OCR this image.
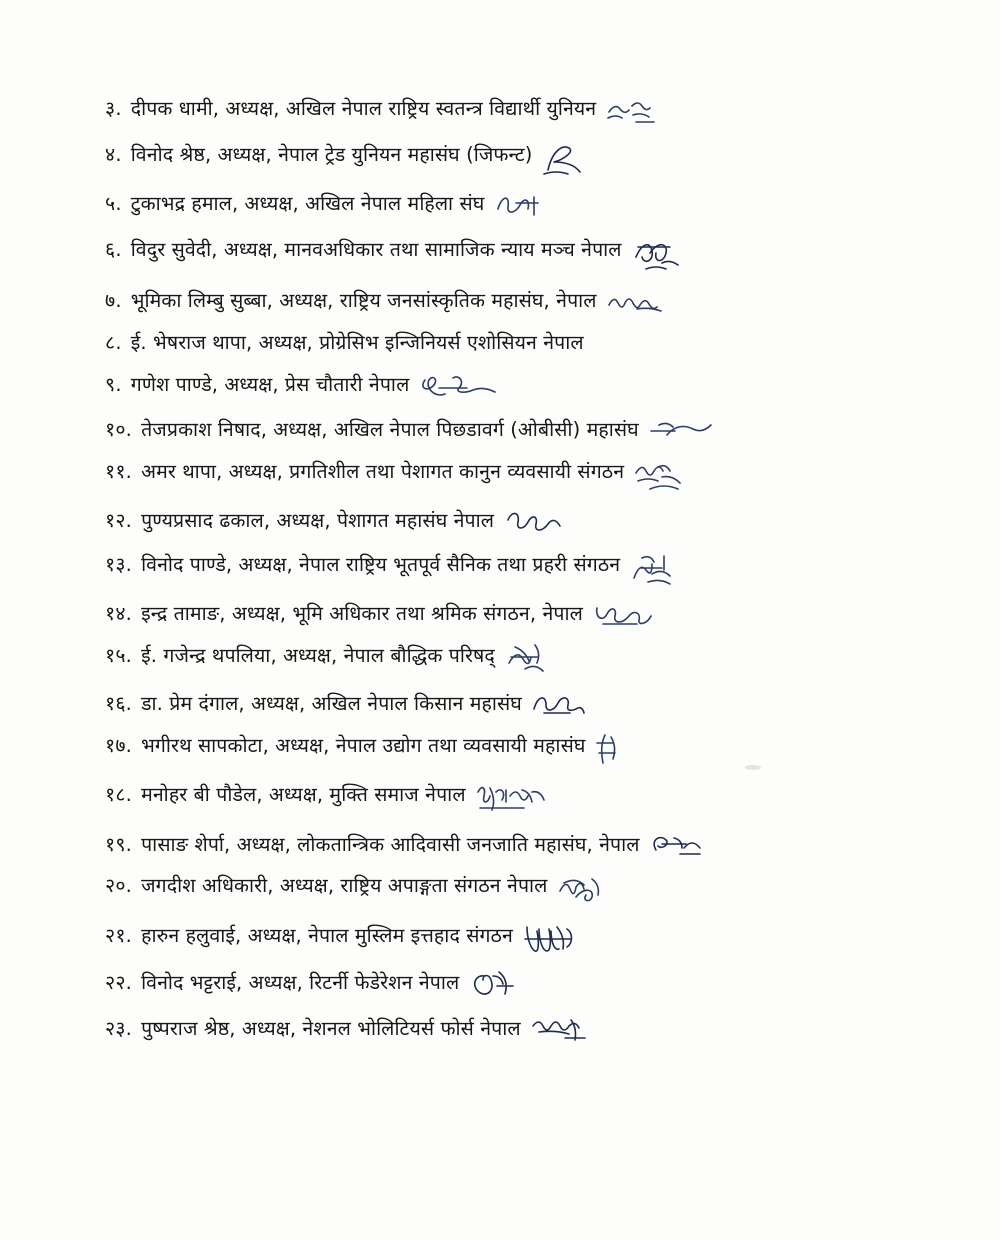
३. दीपक धामी, अध्यक्ष, अखिल नेपाल राष्ट्रिय स्वतन्त्र विद्यार्थी युनियन
४. विनोद श्रेष्ठ, अध्यक्ष, नेपाल ट्रेड युनियन महासंघ (जिफन्ट)
५. टुकाभद्र हमाल, अध्यक्ष, अखिल नेपाल महिला संघ
६. विदुर सुवेदी, अध्यक्ष, मानवअधिकार तथा सामाजिक न्याय मञ्च नेपाल
७. भूमिका लिम्बु सुब्बा, अध्यक्ष, राष्ट्रिय जनसांस्कृतिक महासंघ, नेपाल
८. ई. भेषराज थापा, अध्यक्ष, प्रोग्रेसिभ इन्जिनियर्स एशोसियन नेपाल
९. गणेश पाण्डे, अध्यक्ष, प्रेस चौतारी नेपाल
१०. तेजप्रकाश निषाद, अध्यक्ष, अखिल नेपाल पिछडावर्ग (ओबीसी) महासंघ
११. अमर थापा, अध्यक्ष, प्रगतिशील तथा पेशागत कानुन व्यवसायी संगठन
१२. पुण्यप्रसाद ढकाल, अध्यक्ष, पेशागत महासंघ नेपाल
१३. विनोद पाण्डे, अध्यक्ष, नेपाल राष्ट्रिय भूतपूर्व सैनिक तथा प्रहरी संगठन
१४. इन्द्र तामाङ, अध्यक्ष, भूमि अधिकार तथा श्रमिक संगठन, नेपाल
१५. ई. गजेन्द्र थपलिया, अध्यक्ष, नेपाल बौद्धिक परिषद्
१६. डा. प्रेम दंगाल, अध्यक्ष, अखिल नेपाल किसान महासंघ
१७. भगीरथ सापकोटा, अध्यक्ष, नेपाल उद्योग तथा व्यवसायी महासंघ
१८. मनोहर बी पौडेल, अध्यक्ष, मुक्ति समाज नेपाल
१९. पासाङ शेर्पा, अध्यक्ष, लोकतान्त्रिक आदिवासी जनजाति महासंघ, नेपाल
२०. जगदीश अधिकारी, अध्यक्ष, राष्ट्रिय अपाङ्गता संगठन नेपाल
२१. हारुन हलुवाई, अध्यक्ष, नेपाल मुस्लिम इत्तहाद संगठन
२२. विनोद भट्टराई, अध्यक्ष, रिटर्नी फेडेरेशन नेपाल
२३. पुष्पराज श्रेष्ठ, अध्यक्ष, नेशनल भोलिटियर्स फोर्स नेपाल
